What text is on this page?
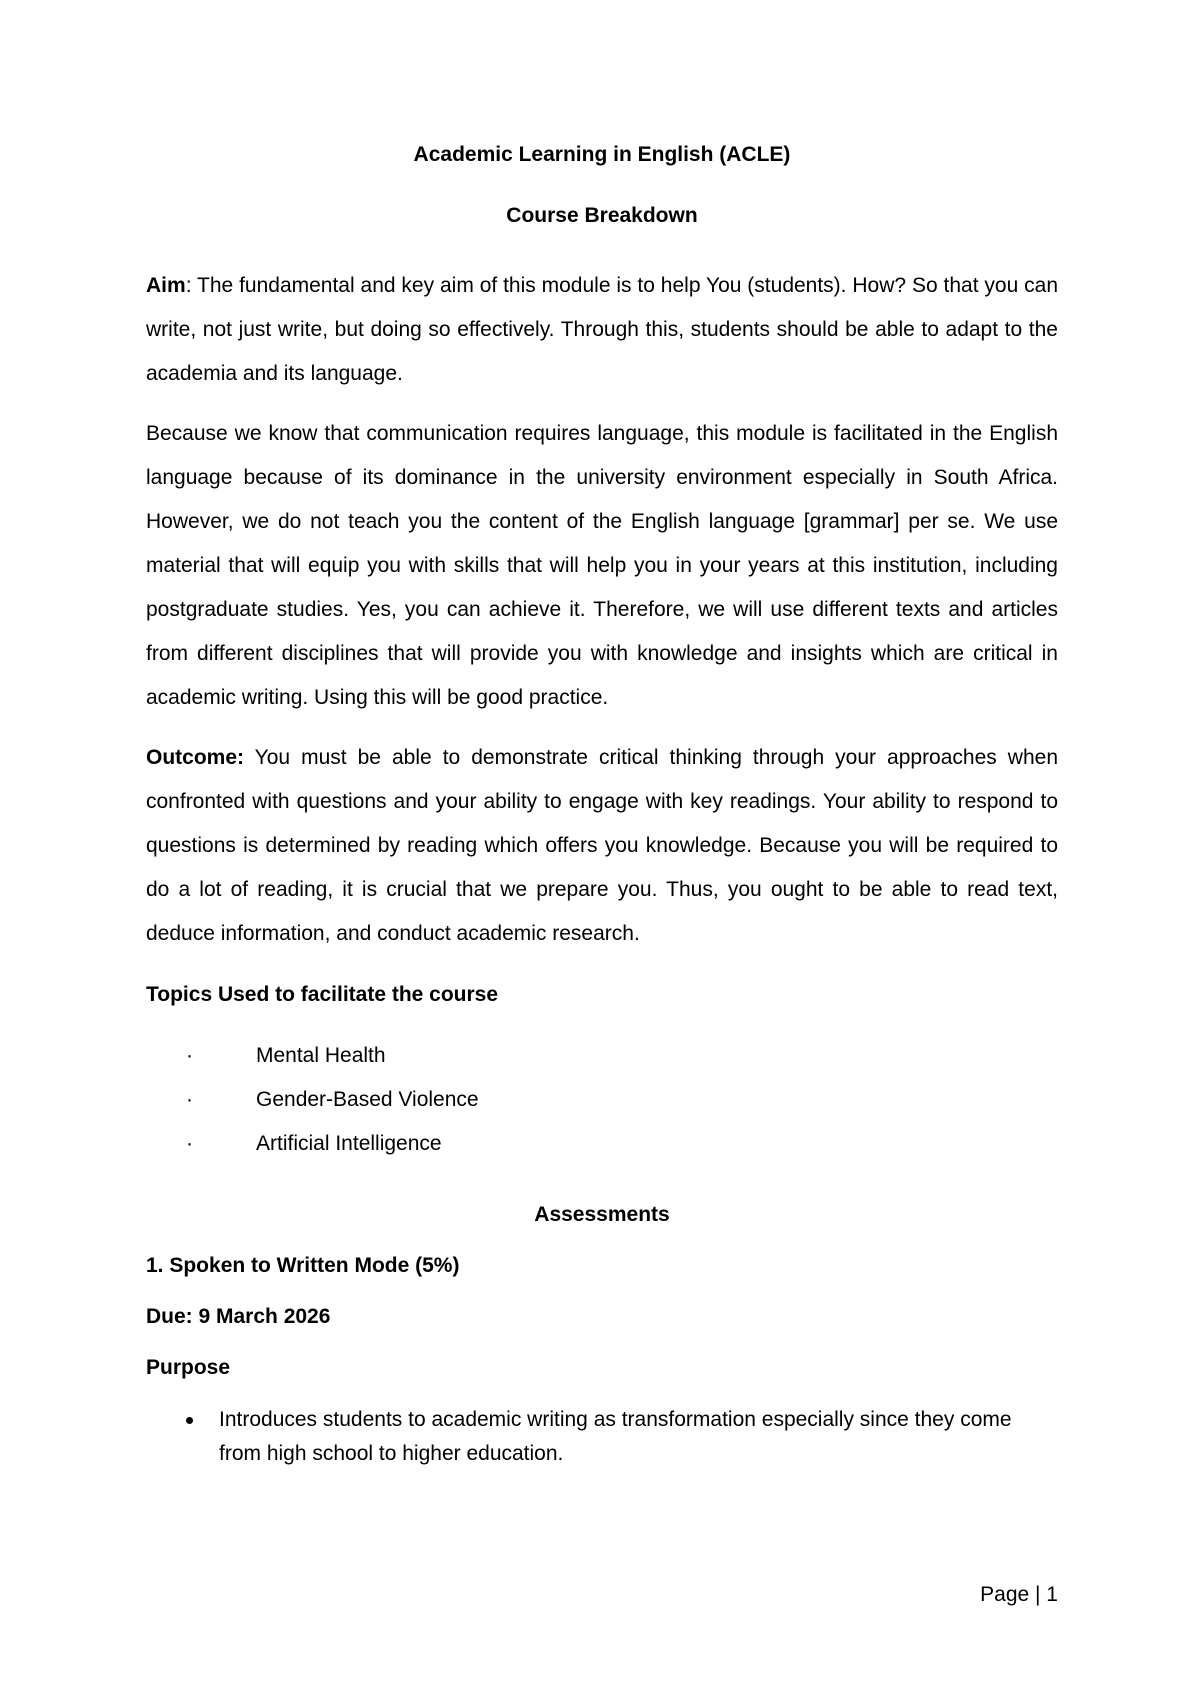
Academic Learning in English (ACLE)
Course Breakdown

Aim: The fundamental and key aim of this module is to help You (students). How? So that you can write, not just write, but doing so effectively. Through this, students should be able to adapt to the academia and its language.

Because we know that communication requires language, this module is facilitated in the English language because of its dominance in the university environment especially in South Africa. However, we do not teach you the content of the English language [grammar] per se. We use material that will equip you with skills that will help you in your years at this institution, including postgraduate studies. Yes, you can achieve it. Therefore, we will use different texts and articles from different disciplines that will provide you with knowledge and insights which are critical in academic writing. Using this will be good practice.

Outcome: You must be able to demonstrate critical thinking through your approaches when confronted with questions and your ability to engage with key readings. Your ability to respond to questions is determined by reading which offers you knowledge. Because you will be required to do a lot of reading, it is crucial that we prepare you. Thus, you ought to be able to read text, deduce information, and conduct academic research.

Topics Used to facilitate the course
·	Mental Health
·	Gender-Based Violence
·	Artificial Intelligence
Assessments
1. Spoken to Written Mode (5%)
Due: 9 March 2026
Purpose
Introduces students to academic writing as transformation especially since they come from high school to higher education.
Page | 1
